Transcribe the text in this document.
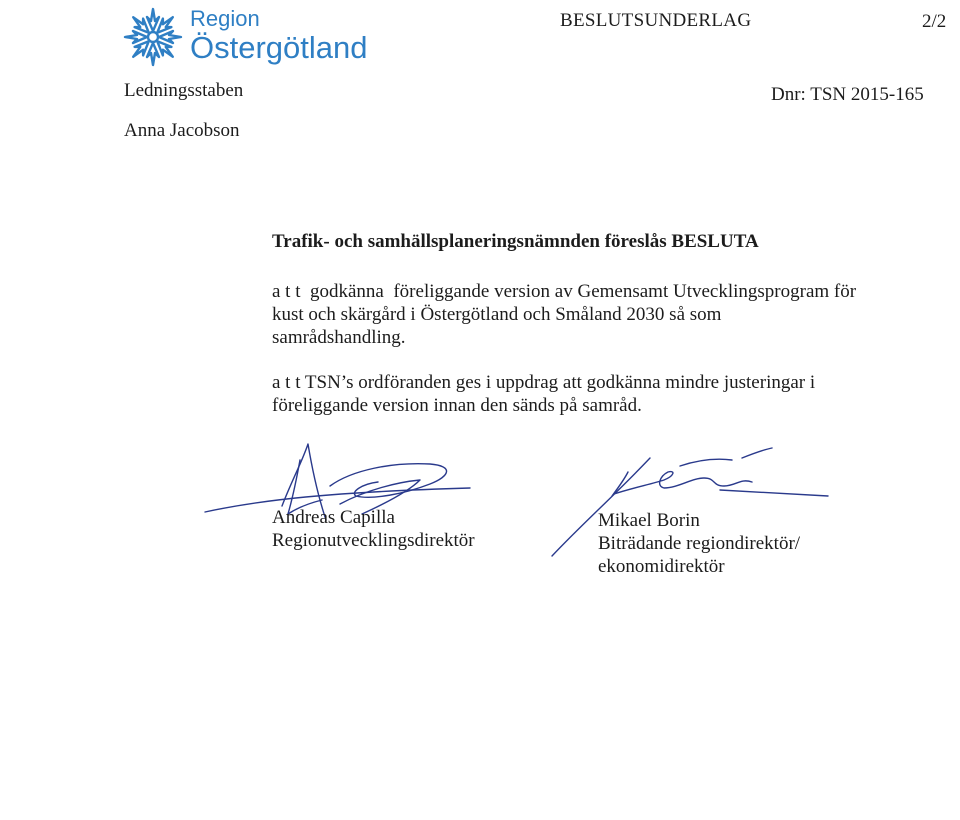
Region
Östergötland
BESLUTSUNDERLAG	2/2
Ledningsstaben	Dnr: TSN 2015-165
Anna Jacobson
Trafik- och samhällsplaneringsnämnden föreslås BESLUTA
a t t  godkänna  föreliggande version av Gemensamt Utvecklingsprogram för
kust och skärgård i Östergötland och Småland 2030 så som
samrådshandling.
a t t TSN’s ordföranden ges i uppdrag att godkänna mindre justeringar i
föreliggande version innan den sänds på samråd.
Andreas Capilla
Regionutvecklingsdirektör
Mikael Borin
Biträdande regiondirektör/
ekonomidirektör
